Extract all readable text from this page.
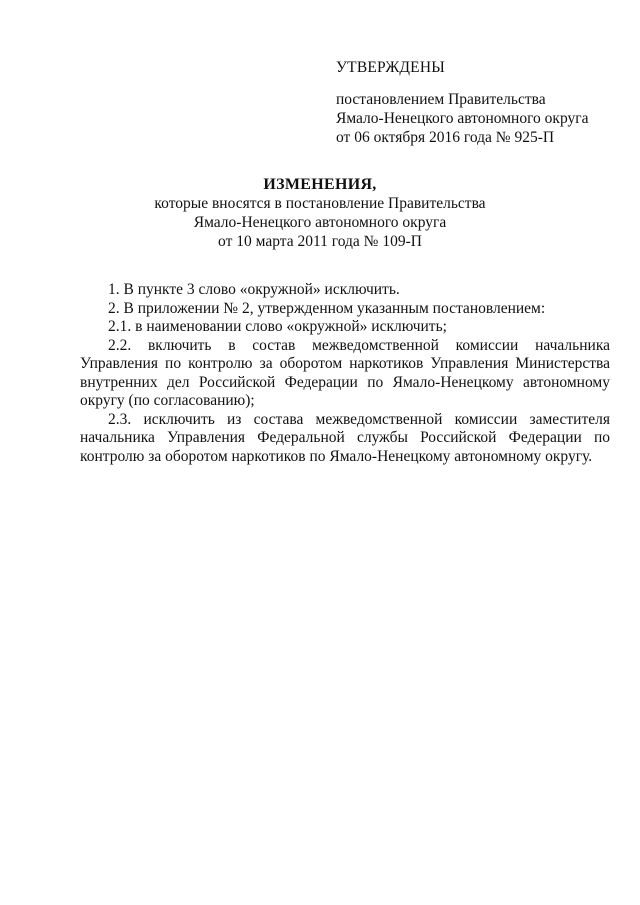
УТВЕРЖДЕНЫ
постановлением Правительства
Ямало-Ненецкого автономного округа
от 06 октября 2016 года № 925-П
ИЗМЕНЕНИЯ,
которые вносятся в постановление Правительства
Ямало-Ненецкого автономного округа
от 10 марта 2011 года № 109-П

1. В пункте 3 слово «окружной» исключить.

2. В приложении № 2, утвержденном указанным постановлением:

2.1. в наименовании слово «окружной» исключить;

2.2. включить в состав межведомственной комиссии начальника Управления по контролю за оборотом наркотиков Управления Министерства внутренних дел Российской Федерации по Ямало-Ненецкому автономному округу (по согласованию);

2.3. исключить из состава межведомственной комиссии заместителя начальника Управления Федеральной службы Российской Федерации по контролю за оборотом наркотиков по Ямало-Ненецкому автономному округу.
